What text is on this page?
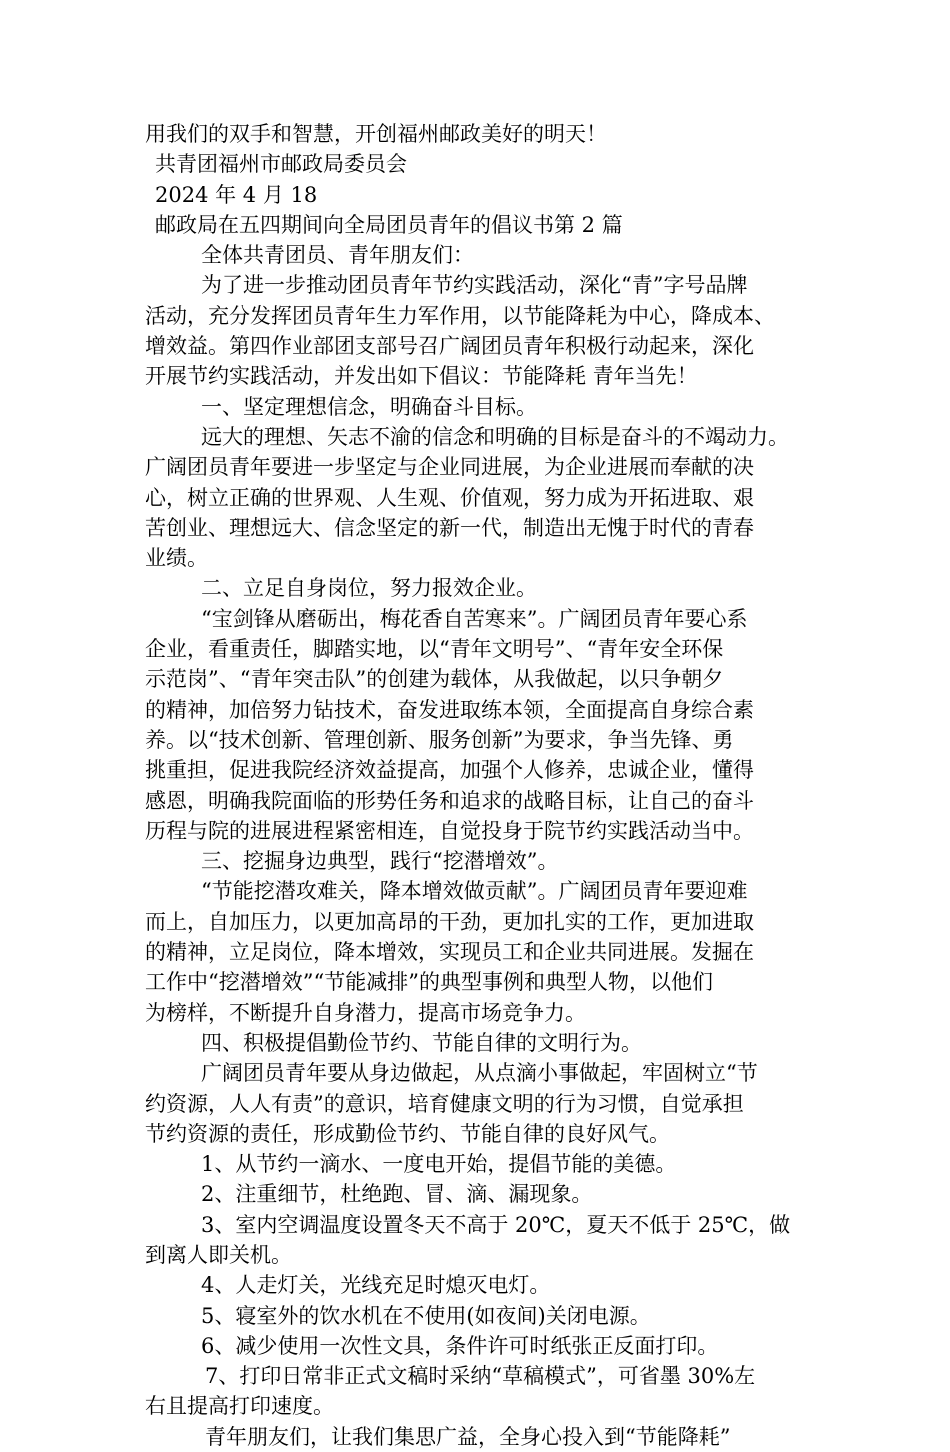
用我们的双手和智慧，开创福州邮政美好的明天！
共青团福州市邮政局委员会
2024 年 4 月 18
邮政局在五四期间向全局团员青年的倡议书第 2 篇
全体共青团员、青年朋友们：
为了进一步推动团员青年节约实践活动，深化“青”字号品牌
活动，充分发挥团员青年生力军作用，以节能降耗为中心，降成本、
增效益。第四作业部团支部号召广阔团员青年积极行动起来，深化
开展节约实践活动，并发出如下倡议：节能降耗 青年当先！
一、坚定理想信念，明确奋斗目标。
远大的理想、矢志不渝的信念和明确的目标是奋斗的不竭动力。
广阔团员青年要进一步坚定与企业同进展，为企业进展而奉献的决
心，树立正确的世界观、人生观、价值观，努力成为开拓进取、艰
苦创业、理想远大、信念坚定的新一代，制造出无愧于时代的青春
业绩。
二、立足自身岗位，努力报效企业。
“宝剑锋从磨砺出，梅花香自苦寒来”。广阔团员青年要心系
企业，看重责任，脚踏实地，以“青年文明号”、“青年安全环保
示范岗”、“青年突击队”的创建为载体，从我做起，以只争朝夕
的精神，加倍努力钻技术，奋发进取练本领，全面提高自身综合素
养。以“技术创新、管理创新、服务创新”为要求，争当先锋、勇
挑重担，促进我院经济效益提高，加强个人修养，忠诚企业，懂得
感恩，明确我院面临的形势任务和追求的战略目标，让自己的奋斗
历程与院的进展进程紧密相连，自觉投身于院节约实践活动当中。
三、挖掘身边典型，践行“挖潜增效”。
“节能挖潜攻难关，降本增效做贡献”。广阔团员青年要迎难
而上，自加压力，以更加高昂的干劲，更加扎实的工作，更加进取
的精神，立足岗位，降本增效，实现员工和企业共同进展。发掘在
工作中“挖潜增效”“节能减排”的典型事例和典型人物，以他们
为榜样，不断提升自身潜力，提高市场竞争力。
四、积极提倡勤俭节约、节能自律的文明行为。
广阔团员青年要从身边做起，从点滴小事做起，牢固树立“节
约资源，人人有责”的意识，培育健康文明的行为习惯，自觉承担
节约资源的责任，形成勤俭节约、节能自律的良好风气。
1、从节约一滴水、一度电开始，提倡节能的美德。
2、注重细节，杜绝跑、冒、滴、漏现象。
3、室内空调温度设置冬天不高于 20℃，夏天不低于 25℃，做
到离人即关机。
4、人走灯关，光线充足时熄灭电灯。
5、寝室外的饮水机在不使用(如夜间)关闭电源。
6、减少使用一次性文具，条件许可时纸张正反面打印。
7、打印日常非正式文稿时采纳“草稿模式”，可省墨 30%左
右且提高打印速度。
青年朋友们，让我们集思广益，全身心投入到“节能降耗”
